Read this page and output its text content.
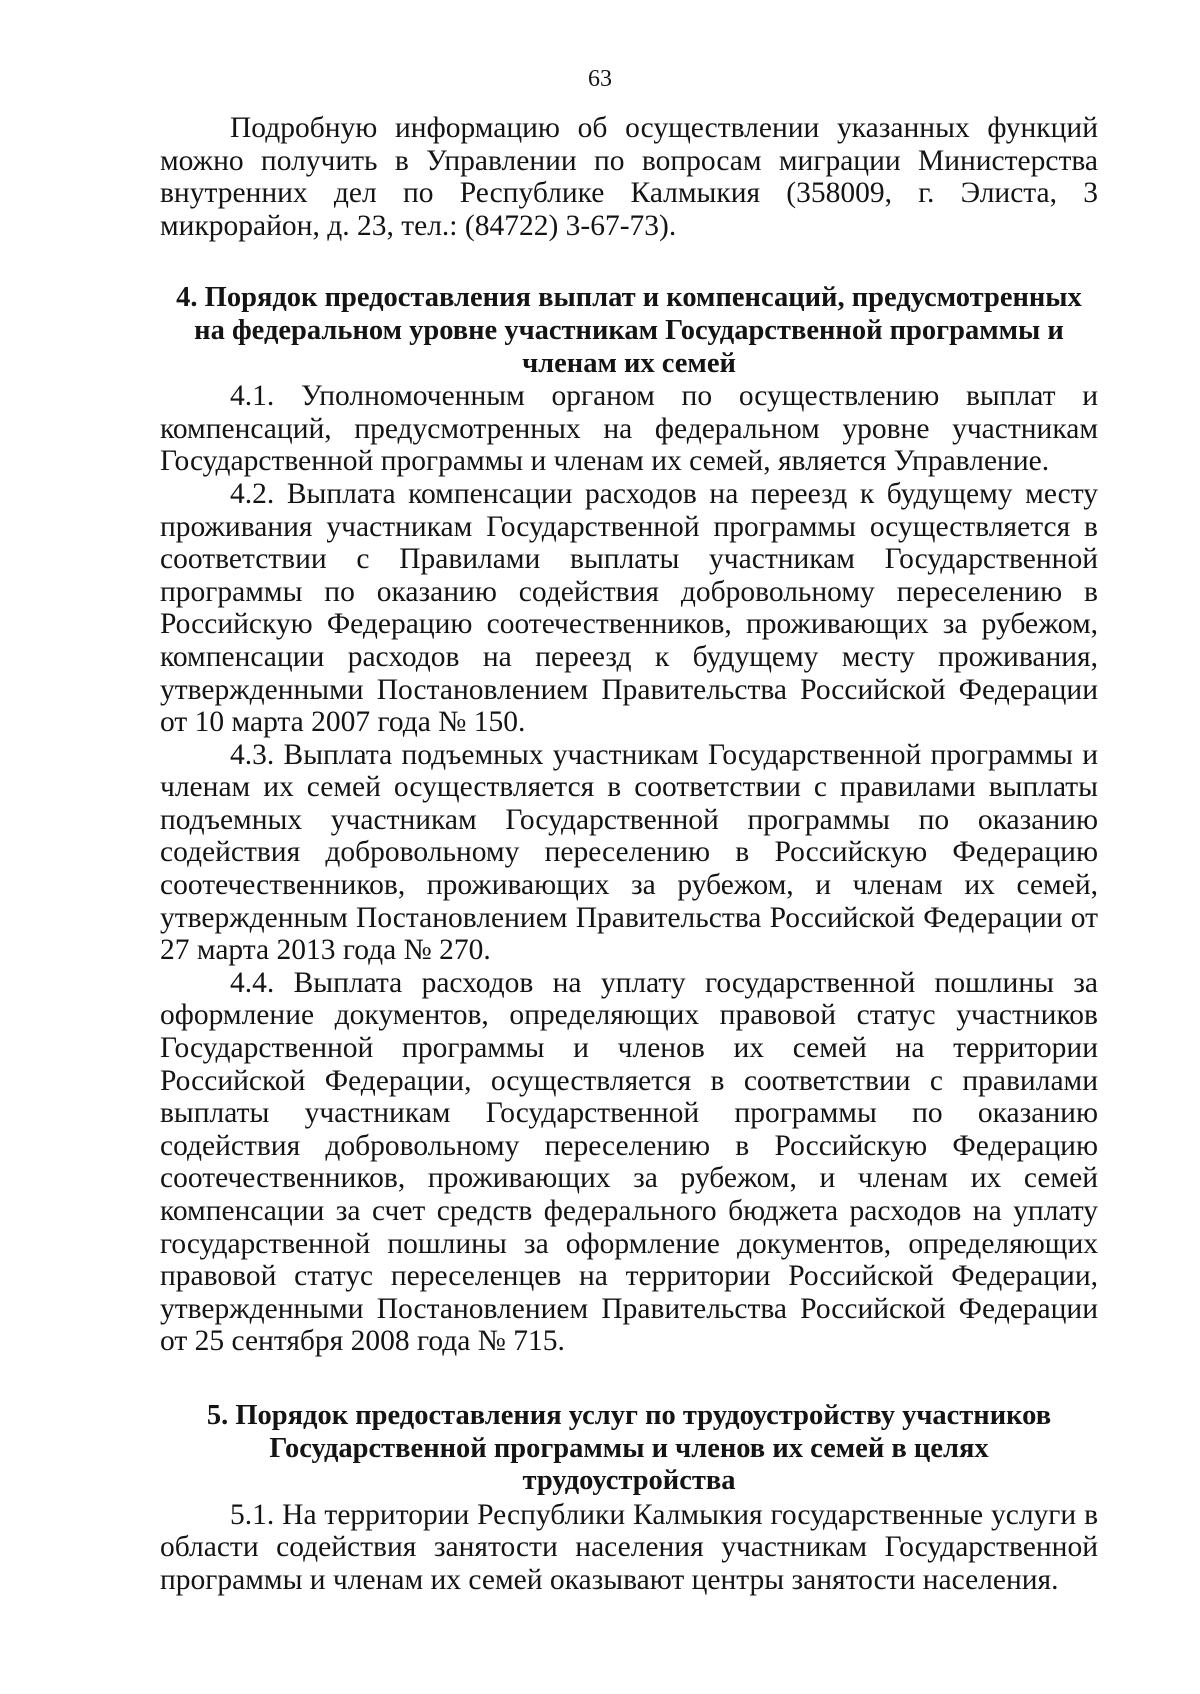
63

Подробную информацию об осуществлении указанных функций можно получить в Управлении по вопросам миграции Министерства внутренних дел по Республике Калмыкия (358009, г. Элиста, 3 микрорайон, д. 23, тел.: (84722) 3-67-73).

4. Порядок предоставления выплат и компенсаций, предусмотренных на федеральном уровне участникам Государственной программы и членам их семей

4.1. Уполномоченным органом по осуществлению выплат и компенсаций, предусмотренных на федеральном уровне участникам Государственной программы и членам их семей, является Управление.

4.2. Выплата компенсации расходов на переезд к будущему месту проживания участникам Государственной программы осуществляется в соответствии с Правилами выплаты участникам Государственной программы по оказанию содействия добровольному переселению в Российскую Федерацию соотечественников, проживающих за рубежом, компенсации расходов на переезд к будущему месту проживания, утвержденными Постановлением Правительства Российской Федерации от 10 марта 2007 года № 150.

4.3. Выплата подъемных участникам Государственной программы и членам их семей осуществляется в соответствии с правилами выплаты подъемных участникам Государственной программы по оказанию содействия добровольному переселению в Российскую Федерацию соотечественников, проживающих за рубежом, и членам их семей, утвержденным Постановлением Правительства Российской Федерации от 27 марта 2013 года № 270.

4.4. Выплата расходов на уплату государственной пошлины за оформление документов, определяющих правовой статус участников Государственной программы и членов их семей на территории Российской Федерации, осуществляется в соответствии с правилами выплаты участникам Государственной программы по оказанию содействия добровольному переселению в Российскую Федерацию соотечественников, проживающих за рубежом, и членам их семей компенсации за счет средств федерального бюджета расходов на уплату государственной пошлины за оформление документов, определяющих правовой статус переселенцев на территории Российской Федерации, утвержденными Постановлением Правительства Российской Федерации от 25 сентября 2008 года № 715.

5. Порядок предоставления услуг по трудоустройству участников Государственной программы и членов их семей в целях трудоустройства

5.1. На территории Республики Калмыкия государственные услуги в области содействия занятости населения участникам Государственной программы и членам их семей оказывают центры занятости населения.
